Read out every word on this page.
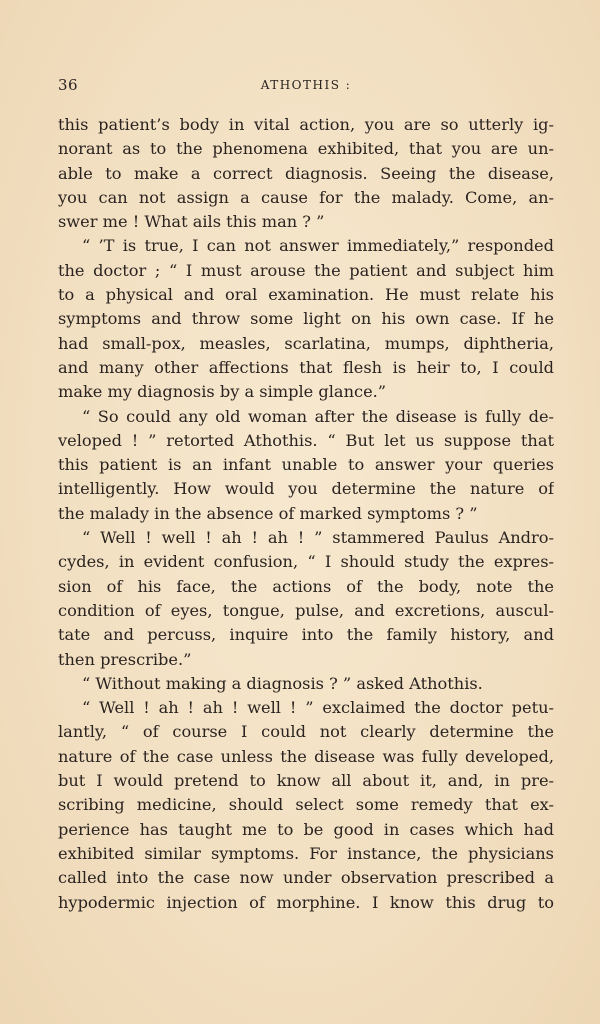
36	ATHOTHIS :
this patient’s body in vital action, you are so utterly ig-
norant as to the phenomena exhibited, that you are un-
able to make a correct diagnosis. Seeing the disease,
you can not assign a cause for the malady. Come, an-
swer me ! What ails this man ? ”
“ ’T is true, I can not answer immediately,” responded
the doctor ; “ I must arouse the patient and subject him
to a physical and oral examination. He must relate his
symptoms and throw some light on his own case. If he
had small-pox, measles, scarlatina, mumps, diphtheria,
and many other affections that flesh is heir to, I could
make my diagnosis by a simple glance.”
“ So could any old woman after the disease is fully de-
veloped ! ” retorted Athothis. “ But let us suppose that
this patient is an infant unable to answer your queries
intelligently. How would you determine the nature of
the malady in the absence of marked symptoms ? ”
“ Well ! well ! ah ! ah ! ” stammered Paulus Andro-
cydes, in evident confusion, “ I should study the expres-
sion of his face, the actions of the body, note the
condition of eyes, tongue, pulse, and excretions, auscul-
tate and percuss, inquire into the family history, and
then prescribe.”
“ Without making a diagnosis ? ” asked Athothis.
“ Well ! ah ! ah ! well ! ” exclaimed the doctor petu-
lantly, “ of course I could not clearly determine the
nature of the case unless the disease was fully developed,
but I would pretend to know all about it, and, in pre-
scribing medicine, should select some remedy that ex-
perience has taught me to be good in cases which had
exhibited similar symptoms. For instance, the physicians
called into the case now under observation prescribed a
hypodermic injection of morphine. I know this drug to
